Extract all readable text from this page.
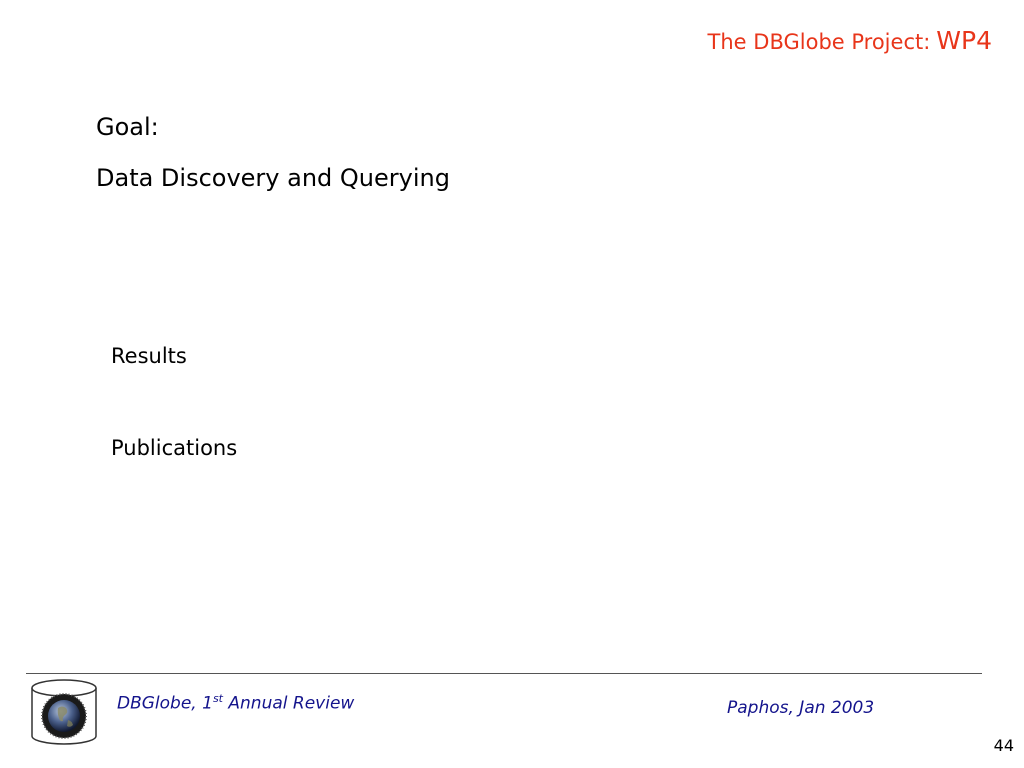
The DBGlobe Project: WP4
Goal:
Data Discovery and Querying
Results
Publications
DBGlobe, 1st Annual Review	Paphos, Jan 2003
44
